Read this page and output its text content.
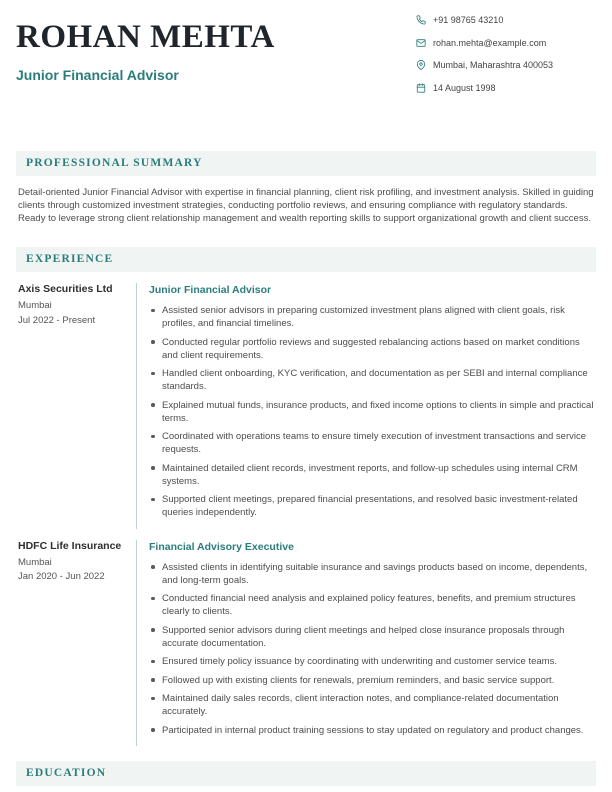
ROHAN MEHTA
Junior Financial Advisor
+91 98765 43210
rohan.mehta@example.com
Mumbai, Maharashtra 400053
14 August 1998
PROFESSIONAL SUMMARY
Detail-oriented Junior Financial Advisor with expertise in financial planning, client risk profiling, and investment analysis. Skilled in guiding clients through customized investment strategies, conducting portfolio reviews, and ensuring compliance with regulatory standards. Ready to leverage strong client relationship management and wealth reporting skills to support organizational growth and client success.
EXPERIENCE
Axis Securities Ltd
Mumbai
Jul 2022 - Present
Junior Financial Advisor
Assisted senior advisors in preparing customized investment plans aligned with client goals, risk profiles, and financial timelines.
Conducted regular portfolio reviews and suggested rebalancing actions based on market conditions and client requirements.
Handled client onboarding, KYC verification, and documentation as per SEBI and internal compliance standards.
Explained mutual funds, insurance products, and fixed income options to clients in simple and practical terms.
Coordinated with operations teams to ensure timely execution of investment transactions and service requests.
Maintained detailed client records, investment reports, and follow-up schedules using internal CRM systems.
Supported client meetings, prepared financial presentations, and resolved basic investment-related queries independently.
HDFC Life Insurance
Mumbai
Jan 2020 - Jun 2022
Financial Advisory Executive
Assisted clients in identifying suitable insurance and savings products based on income, dependents, and long-term goals.
Conducted financial need analysis and explained policy features, benefits, and premium structures clearly to clients.
Supported senior advisors during client meetings and helped close insurance proposals through accurate documentation.
Ensured timely policy issuance by coordinating with underwriting and customer service teams.
Followed up with existing clients for renewals, premium reminders, and basic service support.
Maintained daily sales records, client interaction notes, and compliance-related documentation accurately.
Participated in internal product training sessions to stay updated on regulatory and product changes.
EDUCATION
